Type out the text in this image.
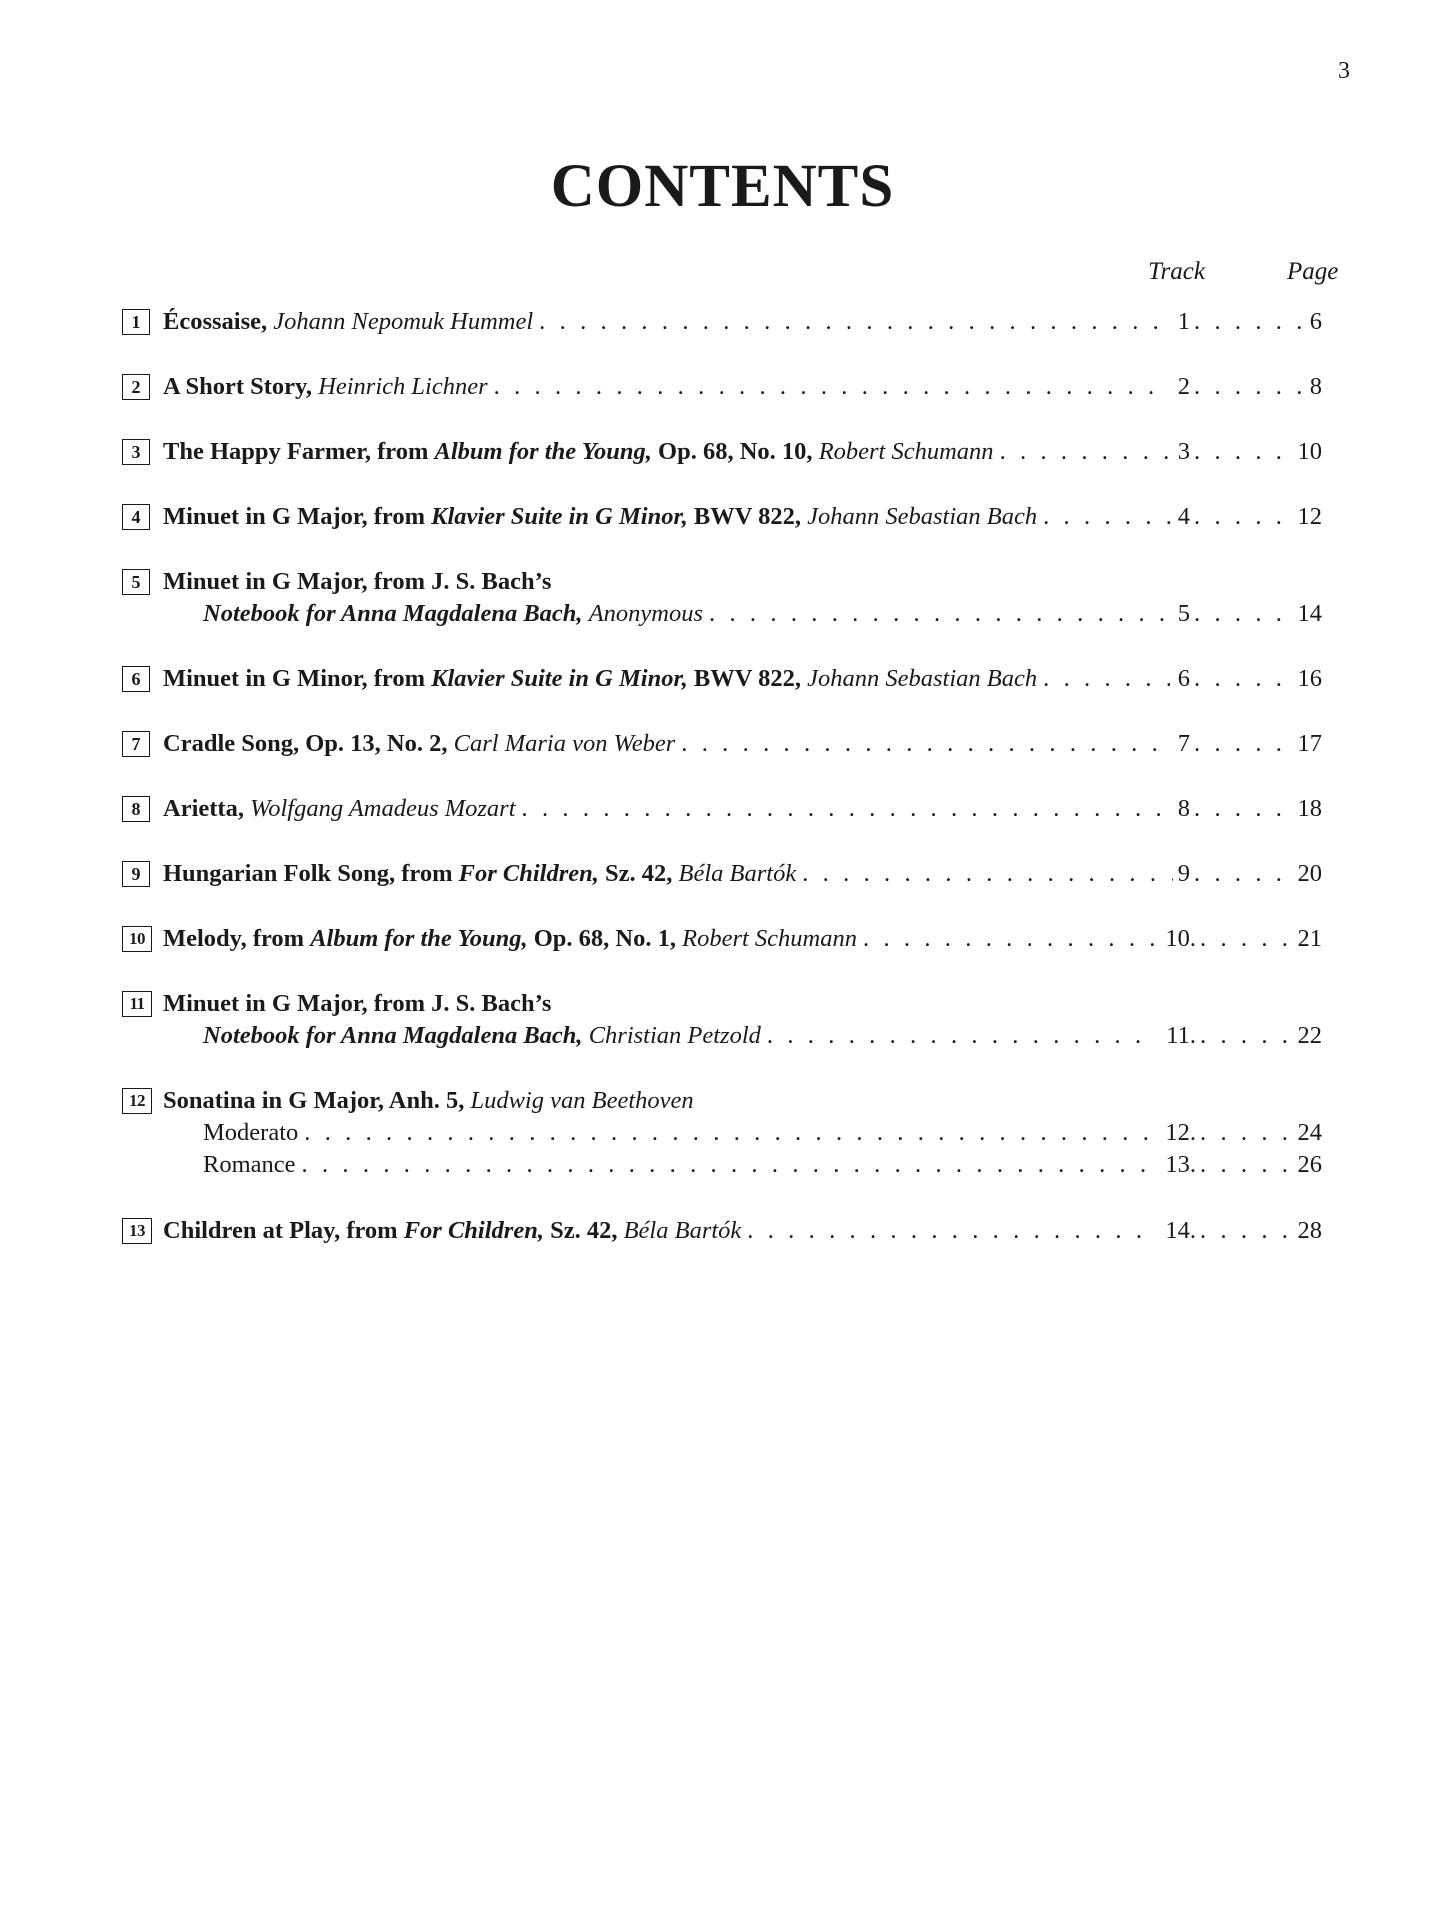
3
CONTENTS
Track	Page
1 Écossaise, Johann Nepomuk Hummel . . .	1 . . .	6
2 A Short Story, Heinrich Lichner . . .	2 . . .	8
3 The Happy Farmer, from Album for the Young, Op. 68, No. 10, Robert Schumann . . .	3 . . .	10
4 Minuet in G Major, from Klavier Suite in G Minor, BWV 822, Johann Sebastian Bach . . .	4 . . .	12
5 Minuet in G Major, from J. S. Bach’s
Notebook for Anna Magdalena Bach, Anonymous . . .	5 . . .	14
6 Minuet in G Minor, from Klavier Suite in G Minor, BWV 822, Johann Sebastian Bach . . .	6 . . .	16
7 Cradle Song, Op. 13, No. 2, Carl Maria von Weber . . .	7 . . .	17
8 Arietta, Wolfgang Amadeus Mozart . . .	8 . . .	18
9 Hungarian Folk Song, from For Children, Sz. 42, Béla Bartók . . .	9 . . .	20
10 Melody, from Album for the Young, Op. 68, No. 1, Robert Schumann . . .	10. . . .	21
11 Minuet in G Major, from J. S. Bach’s
Notebook for Anna Magdalena Bach, Christian Petzold . . .	11. . . .	22
12 Sonatina in G Major, Anh. 5, Ludwig van Beethoven
Moderato . . .	12. . . .	24
Romance . . .	13. . . .	26
13 Children at Play, from For Children, Sz. 42, Béla Bartók . . .	14. . . .	28
